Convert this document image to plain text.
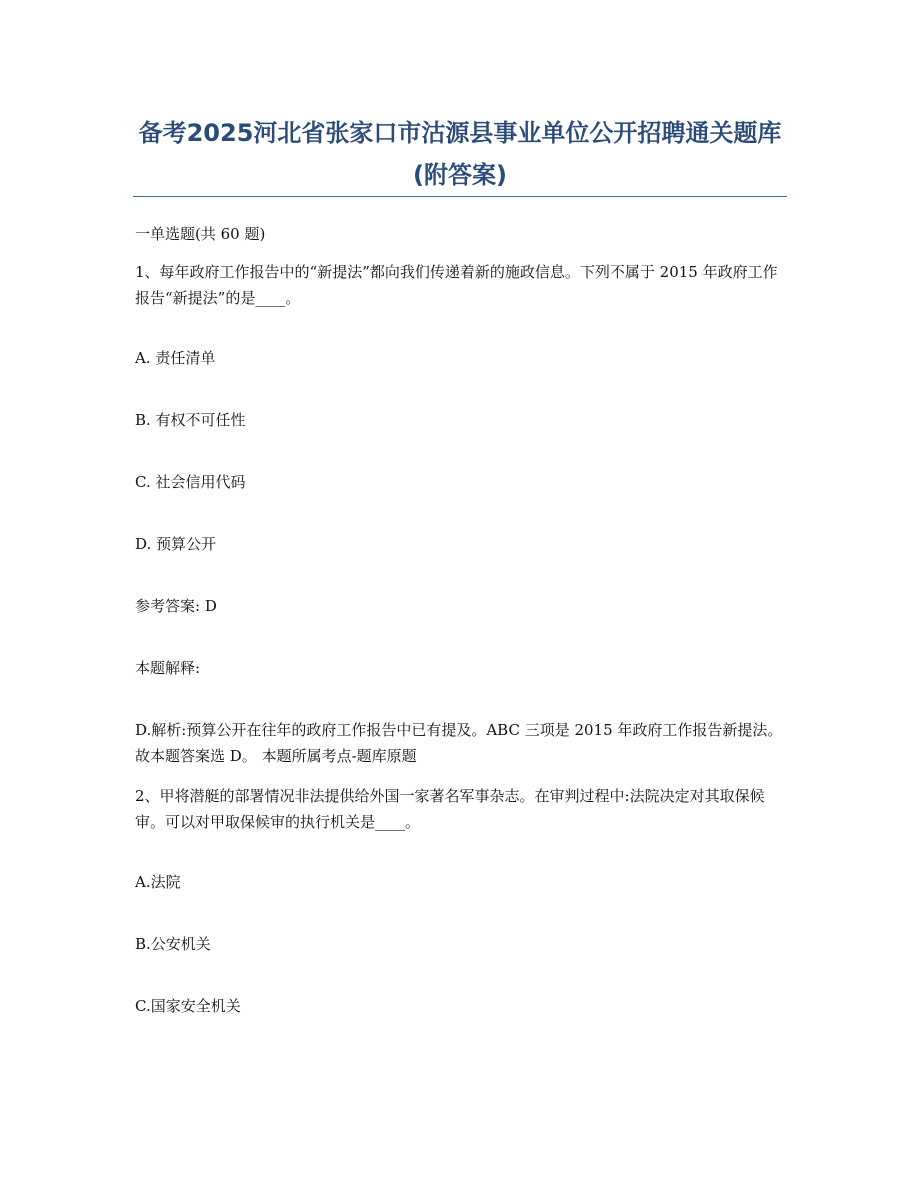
备考2025河北省张家口市沽源县事业单位公开招聘通关题库(附答案)

一单选题(共 60 题)

1、每年政府工作报告中的“新提法”都向我们传递着新的施政信息。下列不属于 2015 年政府工作报告“新提法”的是____。

A. 责任清单

B. 有权不可任性

C. 社会信用代码

D. 预算公开

参考答案: D

本题解释:

D.解析:预算公开在往年的政府工作报告中已有提及。ABC 三项是 2015 年政府工作报告新提法。 故本题答案选 D。 本题所属考点-题库原题

2、甲将潜艇的部署情况非法提供给外国一家著名军事杂志。在审判过程中:法院决定对其取保候审。可以对甲取保候审的执行机关是____。

A.法院

B.公安机关

C.国家安全机关
